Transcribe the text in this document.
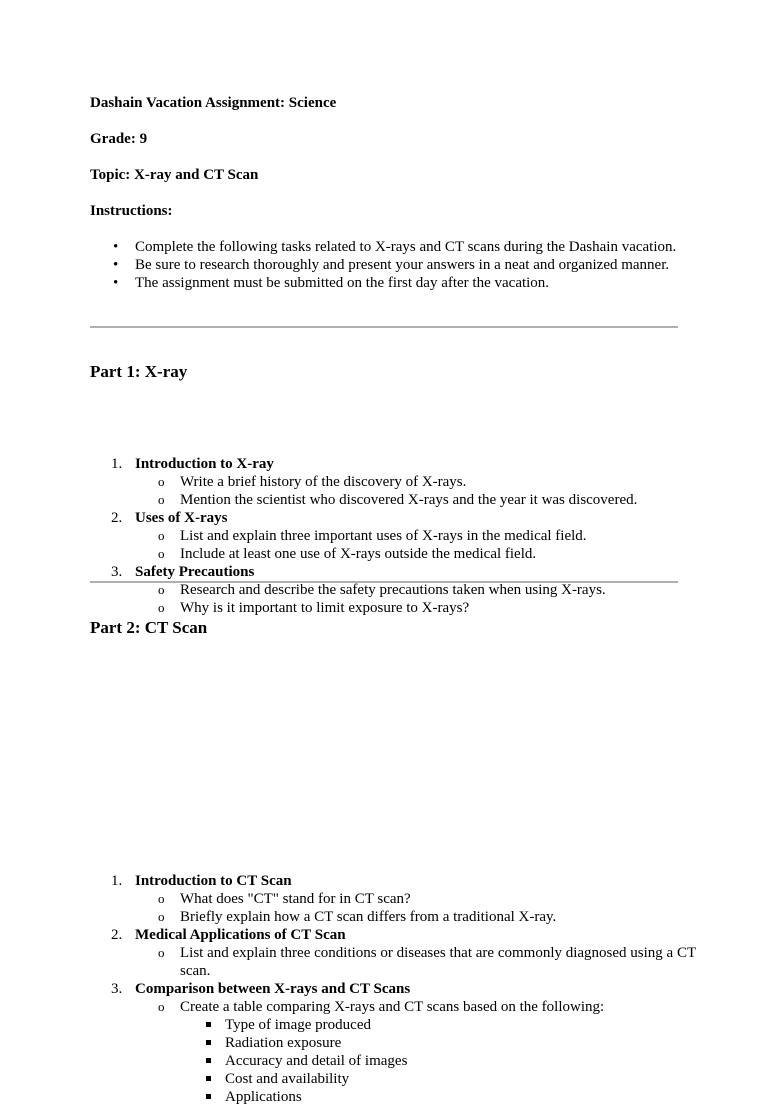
Dashain Vacation Assignment: Science

Grade: 9

Topic: X-ray and CT Scan

Instructions:

• Complete the following tasks related to X-rays and CT scans during the Dashain vacation.
• Be sure to research thoroughly and present your answers in a neat and organized manner.
• The assignment must be submitted on the first day after the vacation.

Part 1: X-ray

1. Introduction to X-ray
o Write a brief history of the discovery of X-rays.
o Mention the scientist who discovered X-rays and the year it was discovered.
2. Uses of X-rays
o List and explain three important uses of X-rays in the medical field.
o Include at least one use of X-rays outside the medical field.
3. Safety Precautions
o Research and describe the safety precautions taken when using X-rays.
o Why is it important to limit exposure to X-rays?

Part 2: CT Scan

1. Introduction to CT Scan
o What does "CT" stand for in CT scan?
o Briefly explain how a CT scan differs from a traditional X-ray.
2. Medical Applications of CT Scan
o List and explain three conditions or diseases that are commonly diagnosed using a CT scan.
3. Comparison between X-rays and CT Scans
o Create a table comparing X-rays and CT scans based on the following:
Type of image produced
Radiation exposure
Accuracy and detail of images
Cost and availability
Applications
